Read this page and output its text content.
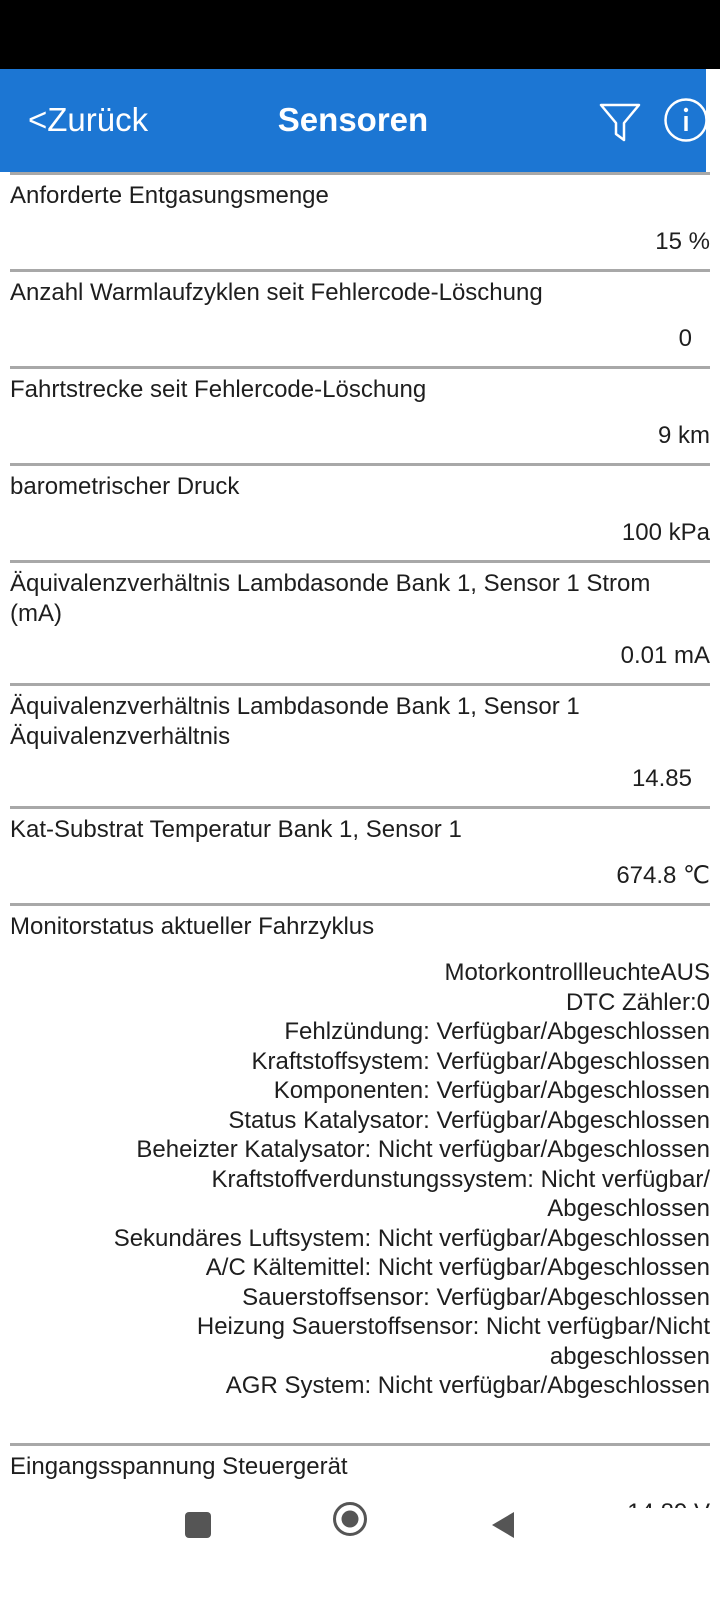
<Zurück	Sensoren
Anforderte Entgasungsmenge
15 %
Anzahl Warmlaufzyklen seit Fehlercode-Löschung
0
Fahrtstrecke seit Fehlercode-Löschung
9 km
barometrischer Druck
100 kPa
Äquivalenzverhältnis Lambdasonde Bank 1, Sensor 1 Strom (mA)
0.01 mA
Äquivalenzverhältnis Lambdasonde Bank 1, Sensor 1 Äquivalenzverhältnis
14.85
Kat-Substrat Temperatur Bank 1, Sensor 1
674.8 ℃
Monitorstatus aktueller Fahrzyklus
MotorkontrollleuchteAUS
DTC Zähler:0
Fehlzündung: Verfügbar/Abgeschlossen
Kraftstoffsystem: Verfügbar/Abgeschlossen
Komponenten: Verfügbar/Abgeschlossen
Status Katalysator: Verfügbar/Abgeschlossen
Beheizter Katalysator: Nicht verfügbar/Abgeschlossen
Kraftstoffverdunstungssystem: Nicht verfügbar/
Abgeschlossen
Sekundäres Luftsystem: Nicht verfügbar/Abgeschlossen
A/C Kältemittel: Nicht verfügbar/Abgeschlossen
Sauerstoffsensor: Verfügbar/Abgeschlossen
Heizung Sauerstoffsensor: Nicht verfügbar/Nicht
abgeschlossen
AGR System: Nicht verfügbar/Abgeschlossen
Eingangsspannung Steuergerät
